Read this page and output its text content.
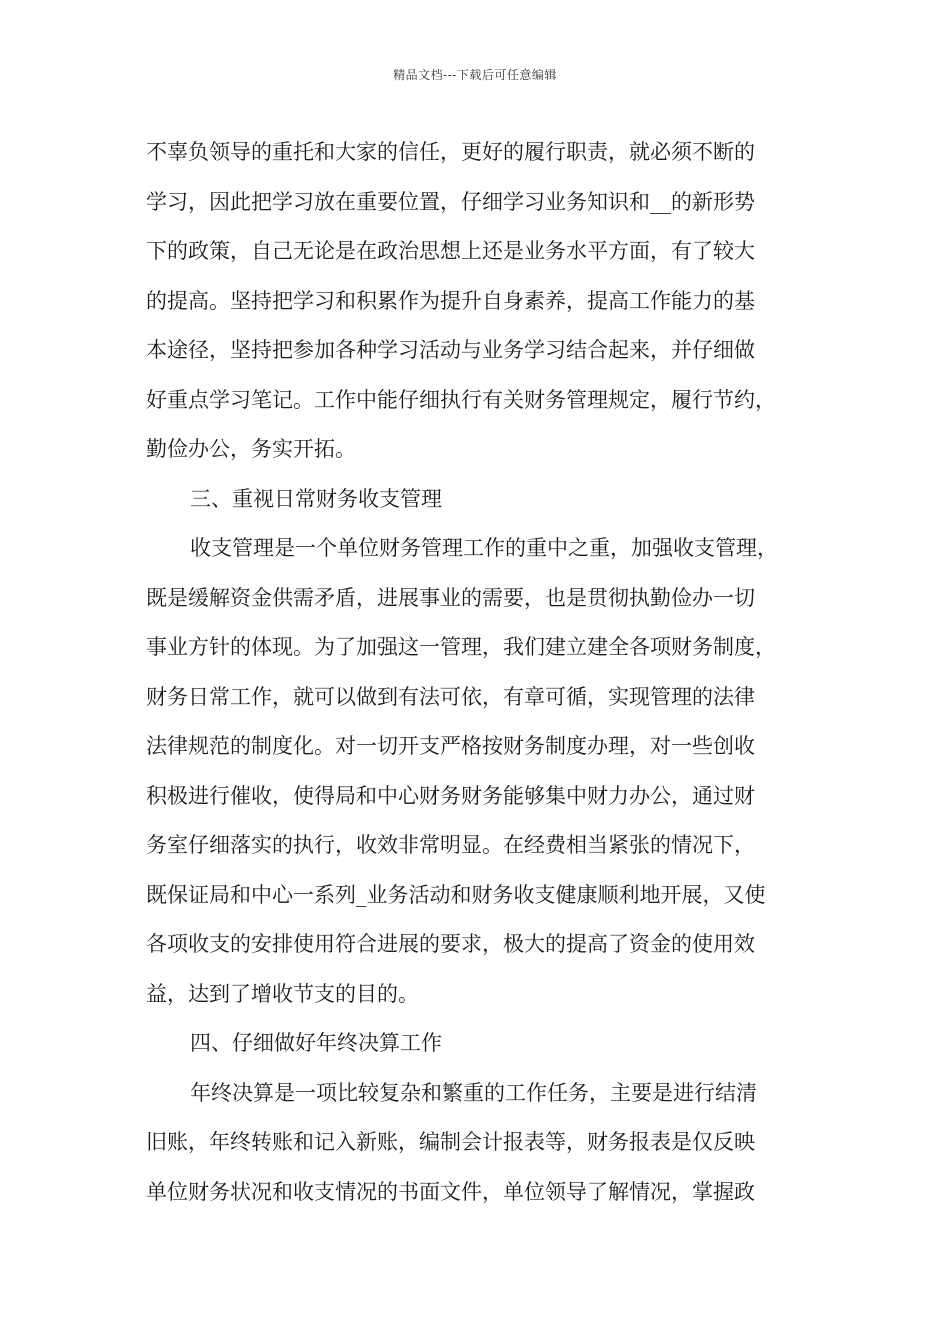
精品文档---下载后可任意编辑
不辜负领导的重托和大家的信任，更好的履行职责，就必须不断的
学习，因此把学习放在重要位置，仔细学习业务知识和__的新形势
下的政策，自己无论是在政治思想上还是业务水平方面，有了较大
的提高。坚持把学习和积累作为提升自身素养，提高工作能力的基
本途径，坚持把参加各种学习活动与业务学习结合起来，并仔细做
好重点学习笔记。工作中能仔细执行有关财务管理规定，履行节约，
勤俭办公，务实开拓。
三、重视日常财务收支管理
收支管理是一个单位财务管理工作的重中之重，加强收支管理，
既是缓解资金供需矛盾，进展事业的需要，也是贯彻执勤俭办一切
事业方针的体现。为了加强这一管理，我们建立建全各项财务制度，
财务日常工作，就可以做到有法可依，有章可循，实现管理的法律
法律规范的制度化。对一切开支严格按财务制度办理，对一些创收
积极进行催收，使得局和中心财务财务能够集中财力办公，通过财
务室仔细落实的执行，收效非常明显。在经费相当紧张的情况下，
既保证局和中心一系列_业务活动和财务收支健康顺利地开展，又使
各项收支的安排使用符合进展的要求，极大的提高了资金的使用效
益，达到了增收节支的目的。
四、仔细做好年终决算工作
年终决算是一项比较复杂和繁重的工作任务，主要是进行结清
旧账，年终转账和记入新账，编制会计报表等，财务报表是仅反映
单位财务状况和收支情况的书面文件，单位领导了解情况，掌握政
